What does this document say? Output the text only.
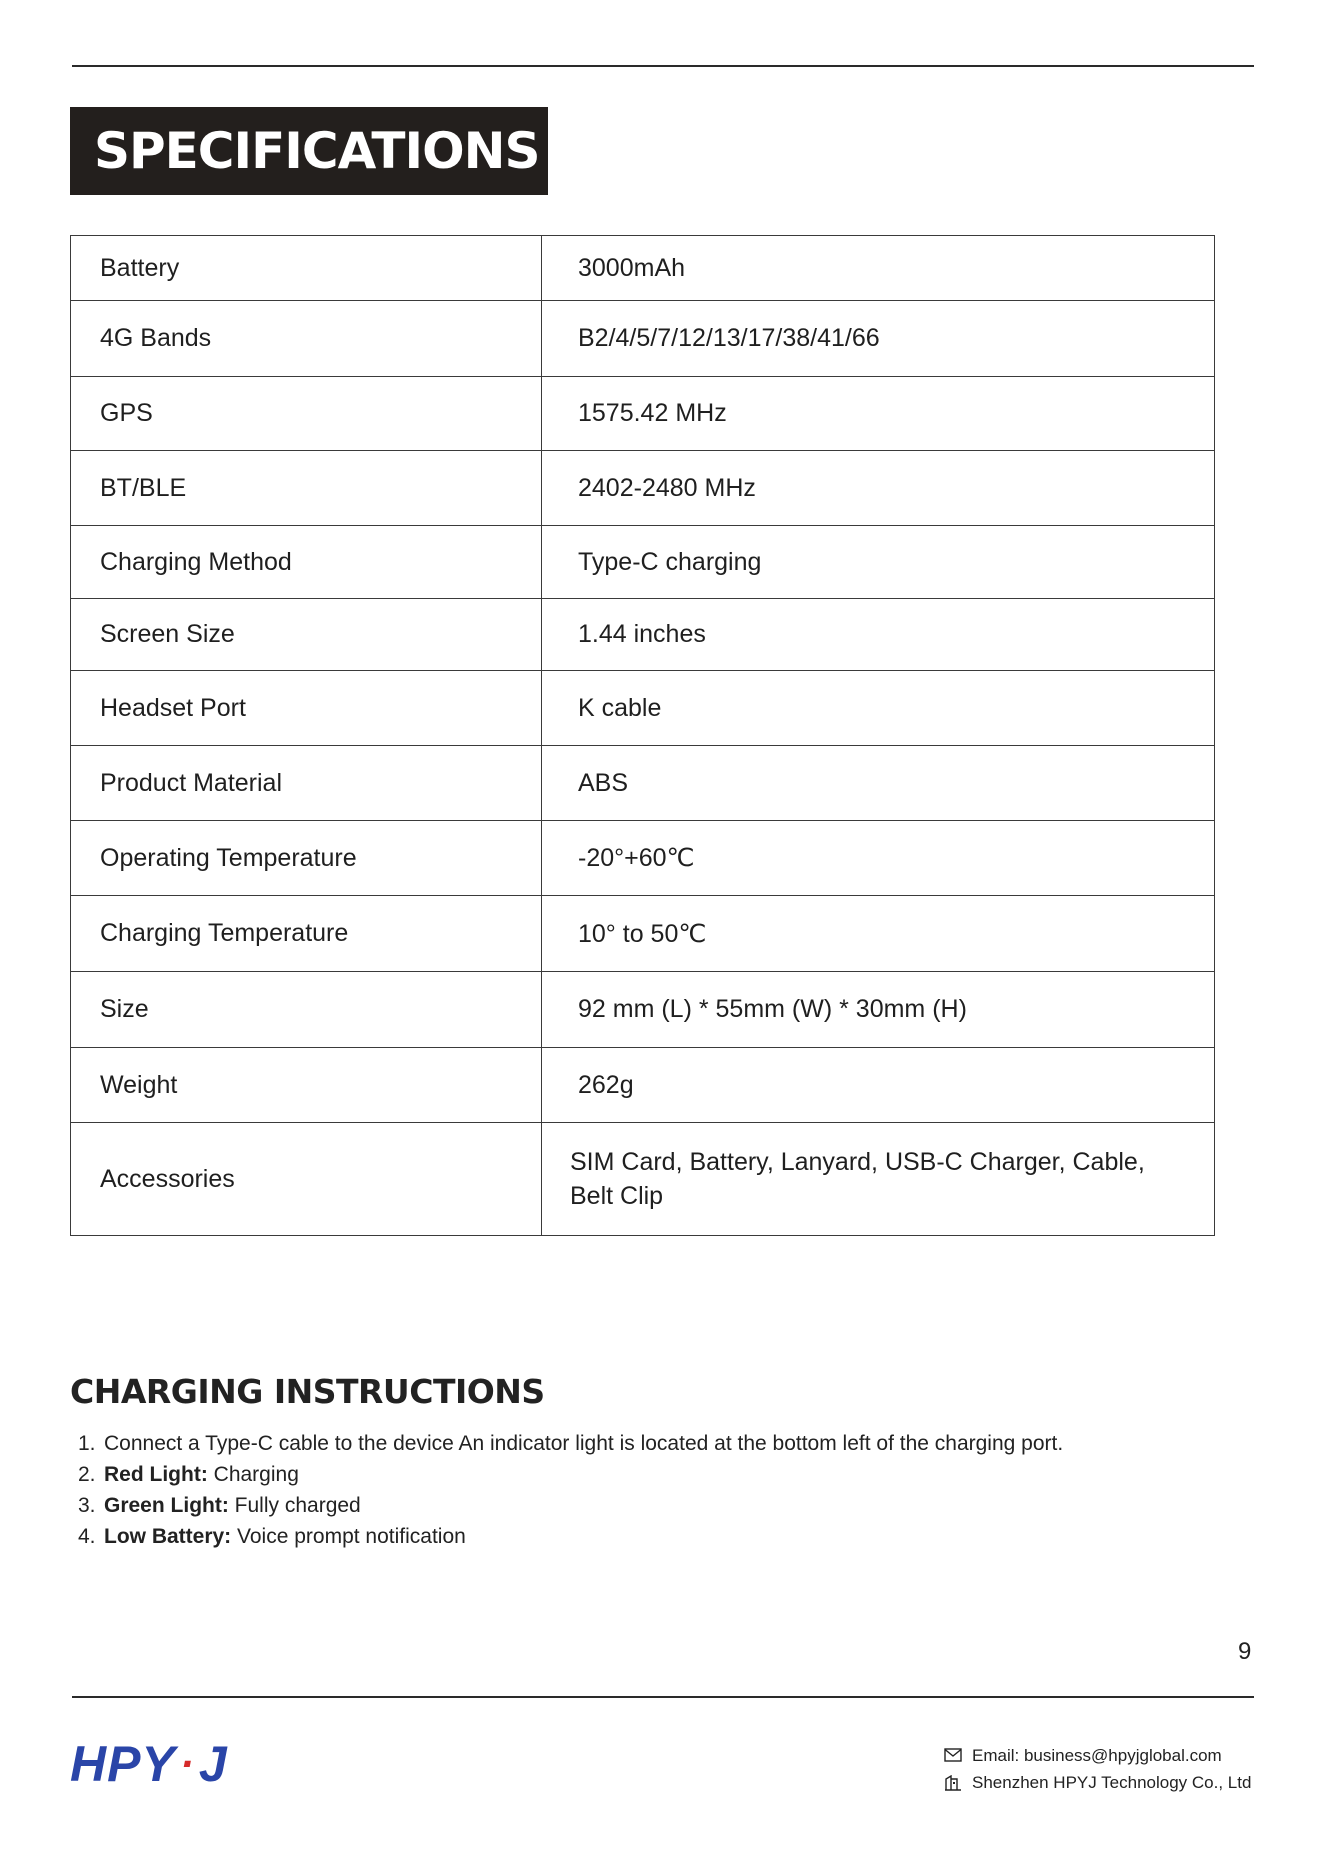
SPECIFICATIONS
Battery	3000mAh
4G Bands	B2/4/5/7/12/13/17/38/41/66
GPS	1575.42 MHz
BT/BLE	2402-2480 MHz
Charging Method	Type-C charging
Screen Size	1.44 inches
Headset Port	K cable
Product Material	ABS
Operating Temperature	-20°+60℃
Charging Temperature	10° to 50℃
Size	92 mm (L) * 55mm (W) * 30mm (H)
Weight	262g
Accessories	SIM Card, Battery, Lanyard, USB-C Charger, Cable, Belt Clip
CHARGING INSTRUCTIONS
1. Connect a Type-C cable to the device An indicator light is located at the bottom left of the charging port.
2. Red Light: Charging
3. Green Light: Fully charged
4. Low Battery: Voice prompt notification
9
HPY · J	Email: business@hpyjglobal.com
Shenzhen HPYJ Technology Co., Ltd
